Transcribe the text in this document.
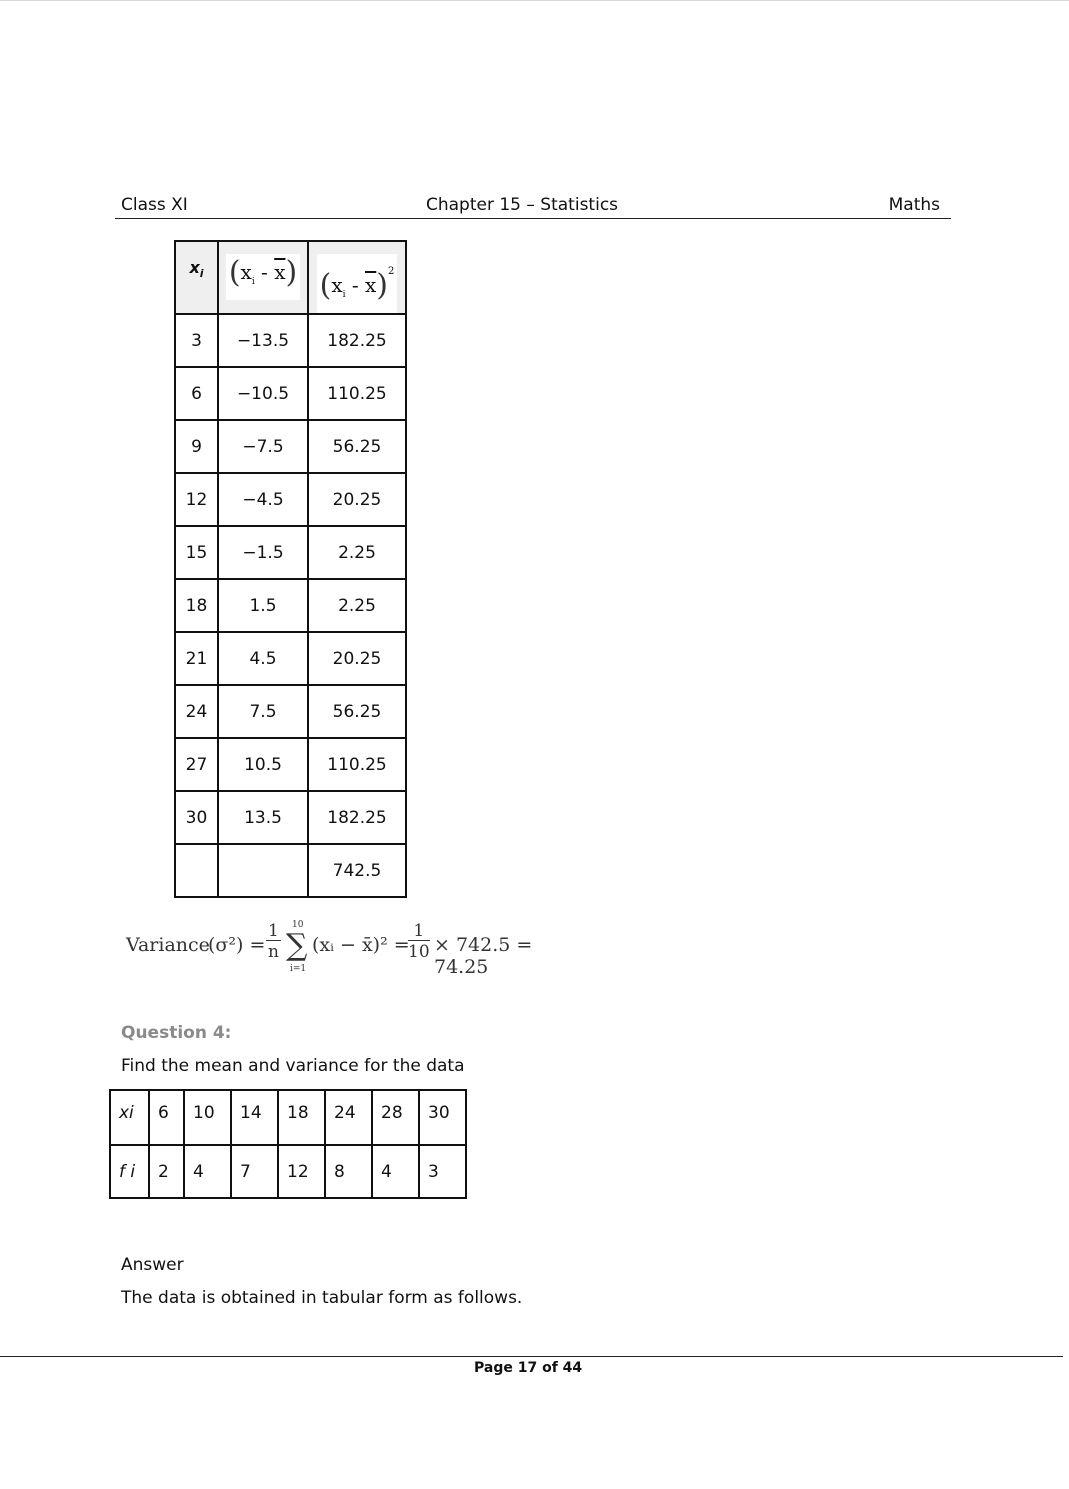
Class XI	Chapter 15 – Statistics	Maths
$x_i$	$(x_i - \overline{x})$	$(x_i - \overline{x})^2$
3	−13.5	182.25
6	−10.5	110.25
9	−7.5	56.25
12	−4.5	20.25
15	−1.5	2.25
18	1.5	2.25
21	4.5	20.25
24	7.5	56.25
27	10.5	110.25
30	13.5	182.25
		742.5
Variance
$(\sigma^2) = \frac{1}{n} 10$
∑
i=1
(xᵢ − x̄)² =
$\frac{1}{10} \times 742.5 = 74.25$
Question 4:
Find the mean and variance for the data
xi	6	10	14	18	24	28	30
f i	2	4	7	12	8	4	3
Answer
The data is obtained in tabular form as follows.
Page 17 of 44
